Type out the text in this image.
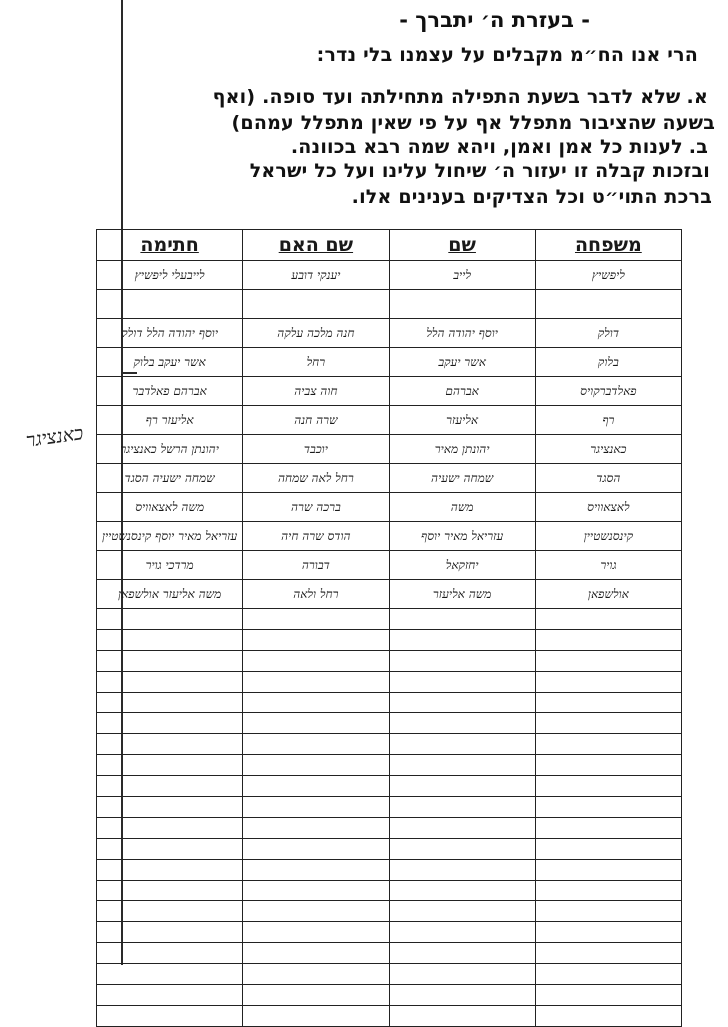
כאנציגר
- בעזרת ה׳ יתברך -
הרי אנו הח״מ מקבלים על עצמנו בלי נדר:
א.שלא לדבר בשעת התפילה מתחילתה ועד סופה. (ואף
בשעה שהציבור מתפלל אף על פי שאין מתפלל עמהם)
ב.לענות כל אמן ואמן, ויהא שמה רבא בכוונה.
ובזכות קבלה זו יעזור ה׳ שיחול עלינו ועל כל ישראל
ברכת התוי״ט וכל הצדיקים בענינים אלו.
משפחה	שם	שם האם	חתימה
ליפשיץ	לייב	יענקי דובע	לייבעלי ליפשיץ

דולק	יוסף יהודה הלל	חנה מלכה עלקה	יוסף יהודה הלל דולק
בלוק	אשר יעקב	רחל	אשר יעקב בלוק
פאלדברקויס	אברהם	חוה צביה	אברהם פאלדבר
רף	אליעזר	שרה חנה	אליעזר רף
כאנציגר	יהונתן מאיר	יוכבד	יהונתן הרשל כאנציגר
הסגד	שמחה ישעיה	רחל לאה שמחה	שמחה ישעיה הסגד
לאצאוויס	משה	ברכה שרה	משה לאצאוויס
קינסנשטיין	עזריאל מאיר יוסף	הודס שרה חיה	עזריאל מאיר יוסף קינסנשטיין
גויר	יחזקאל	דבורה	מרדכי גויר
אולשפאן	משה אליעזר	רחל ולאה	משה אליעזר אולשפאן
